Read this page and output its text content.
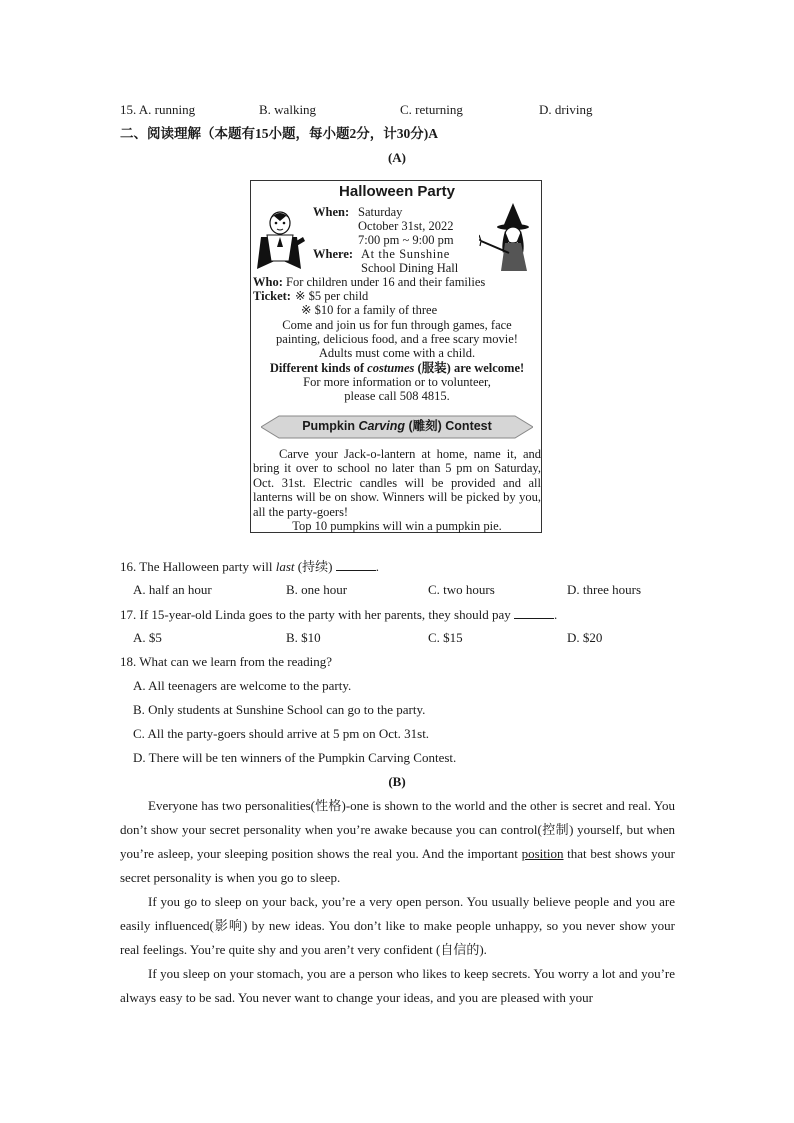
15. A. running	B. walking	C. returning	D. driving
二、阅读理解（本题有15小题，每小题2分，计30分)A
(A)
Halloween Party
When: Saturday
October 31st, 2022
7:00 pm ~ 9:00 pm
Where: At the Sunshine
School Dining Hall
Who: For children under 16 and their families
Ticket: ※ $5 per child
※ $10 for a family of three
Come and join us for fun through games, face
painting, delicious food, and a free scary movie!
Adults must come with a child.
Different kinds of costumes (服装) are welcome!
For more information or to volunteer,
please call 508 4815.
Pumpkin Carving (雕刻) Contest
Carve your Jack-o-lantern at home, name it, and bring it over to school no later than 5 pm on Saturday, Oct. 31st. Electric candles will be provided and all lanterns will be on show. Winners will be picked by you, all the party-goers!
Top 10 pumpkins will win a pumpkin pie.
16. The Halloween party will last (持续)	.
A. half an hour	B. one hour	C. two hours	D. three hours
17. If 15-year-old Linda goes to the party with her parents, they should pay	.
A. $5	B. $10	C. $15	D. $20
18. What can we learn from the reading?
A. All teenagers are welcome to the party.
B. Only students at Sunshine School can go to the party.
C. All the party-goers should arrive at 5 pm on Oct. 31st.
D. There will be ten winners of the Pumpkin Carving Contest.
(B)

Everyone has two personalities(性格)-one is shown to the world and the other is secret and real. You don’t show your secret personality when you’re awake because you can control(控制) yourself, but when you’re asleep, your sleeping position shows the real you. And the important position that best shows your secret personality is when you go to sleep.

If you go to sleep on your back, you’re a very open person. You usually believe people and you are easily influenced(影响) by new ideas. You don’t like to make people unhappy, so you never show your real feelings. You’re quite shy and you aren’t very confident (自信的).

If you sleep on your stomach, you are a person who likes to keep secrets. You worry a lot and you’re always easy to be sad. You never want to change your ideas, and you are pleased with your
